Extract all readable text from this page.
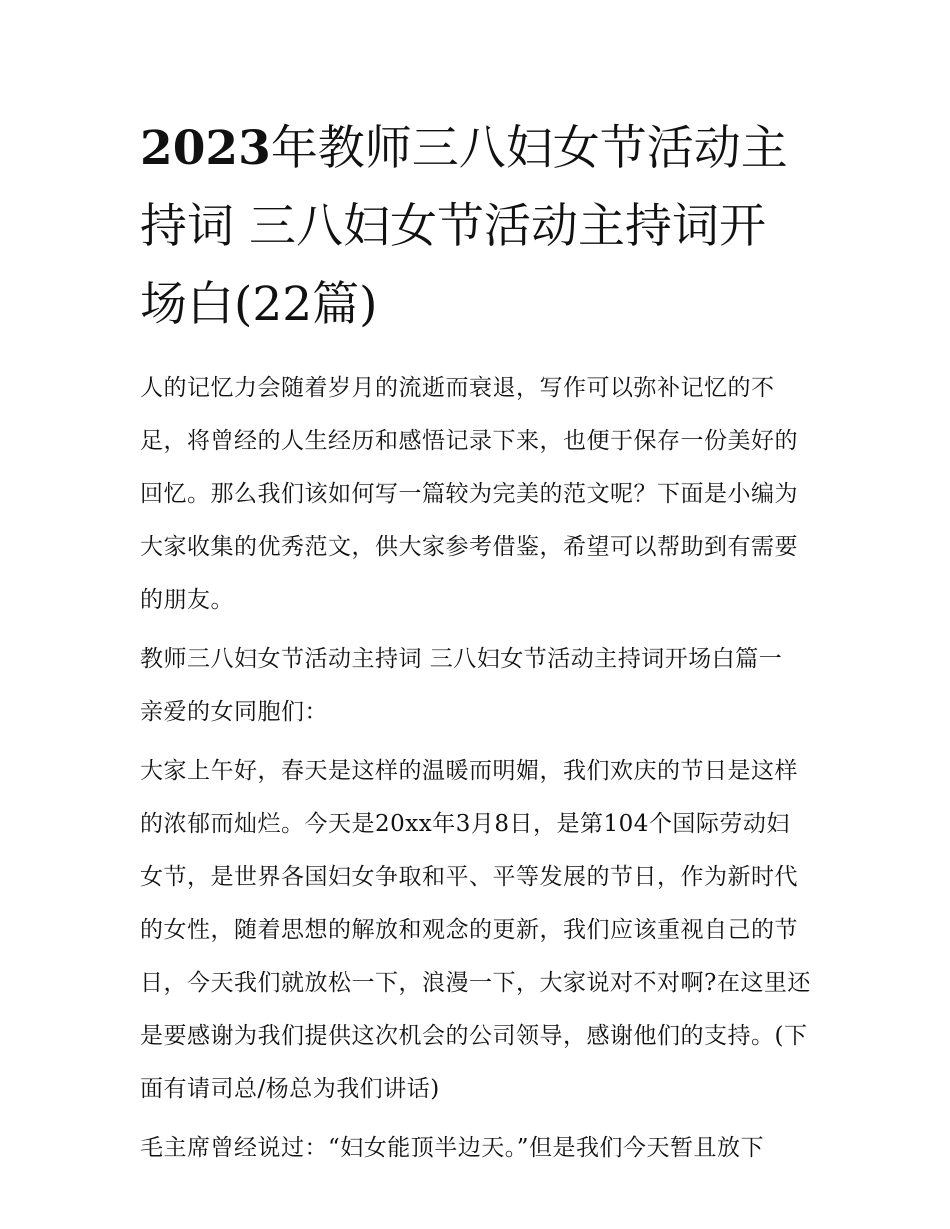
2023年教师三八妇女节活动主持词 三八妇女节活动主持词开场白(22篇)

人的记忆力会随着岁月的流逝而衰退，写作可以弥补记忆的不足，将曾经的人生经历和感悟记录下来，也便于保存一份美好的回忆。那么我们该如何写一篇较为完美的范文呢？下面是小编为大家收集的优秀范文，供大家参考借鉴，希望可以帮助到有需要的朋友。

教师三八妇女节活动主持词 三八妇女节活动主持词开场白篇一 亲爱的女同胞们：

大家上午好，春天是这样的温暖而明媚，我们欢庆的节日是这样的浓郁而灿烂。今天是20xx年3月8日，是第104个国际劳动妇女节，是世界各国妇女争取和平、平等发展的节日，作为新时代的女性，随着思想的解放和观念的更新，我们应该重视自己的节日，今天我们就放松一下，浪漫一下，大家说对不对啊?在这里还是要感谢为我们提供这次机会的公司领导，感谢他们的支持。(下面有请司总/杨总为我们讲话)

毛主席曾经说过：“妇女能顶半边天。”但是我们今天暂且放下
